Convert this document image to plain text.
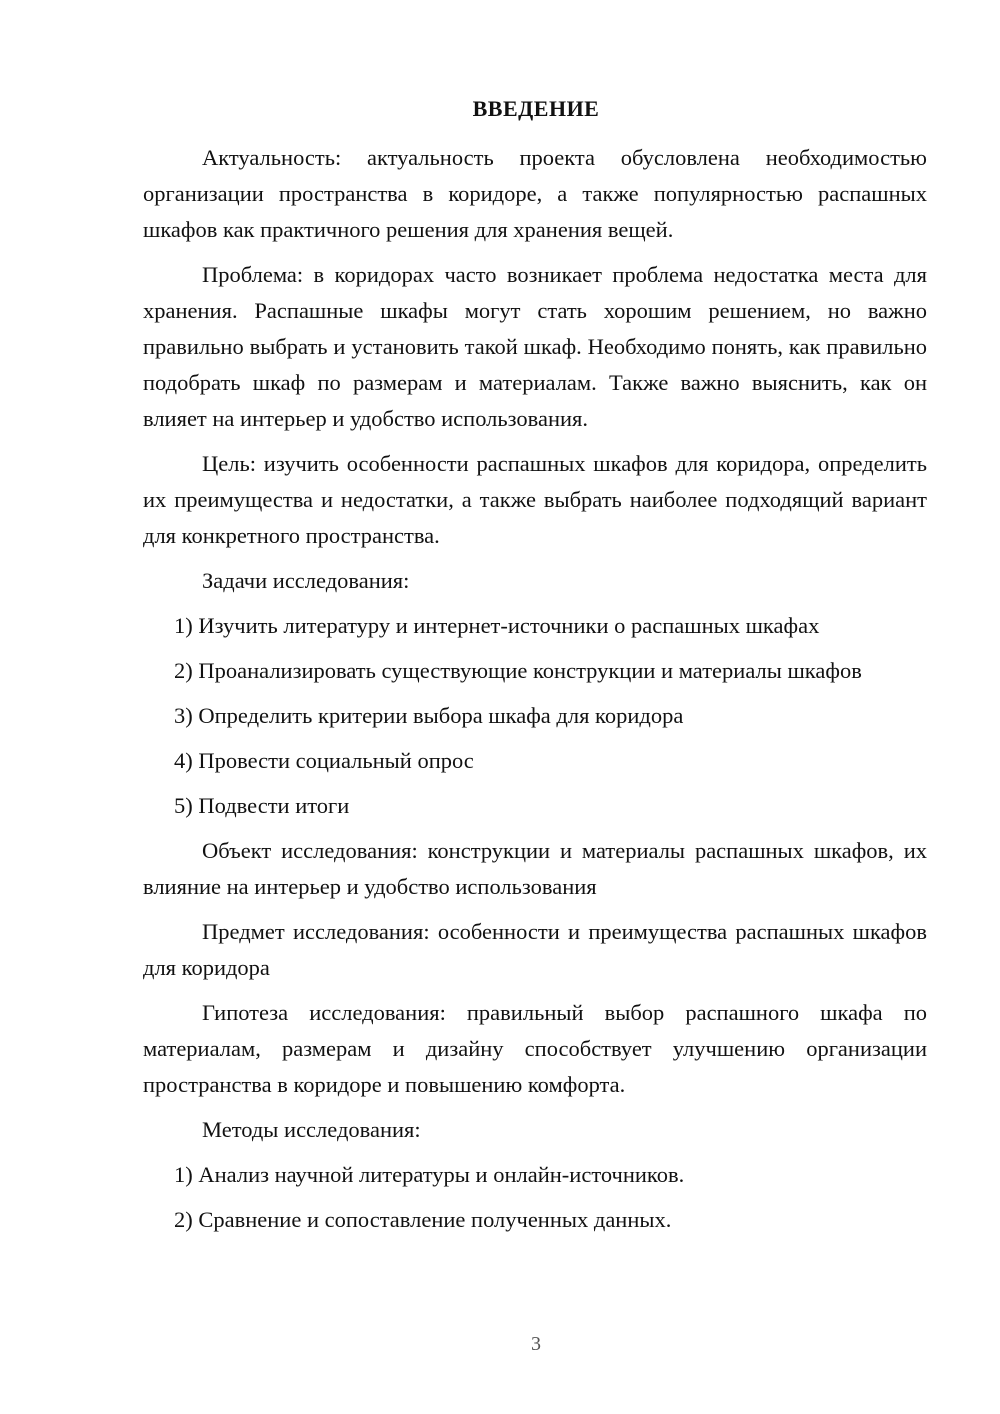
ВВЕДЕНИЕ

Актуальность: актуальность проекта обусловлена необходимостью организации пространства в коридоре, а также популярностью распашных шкафов как практичного решения для хранения вещей.

Проблема: в коридорах часто возникает проблема недостатка места для хранения. Распашные шкафы могут стать хорошим решением, но важно правильно выбрать и установить такой шкаф. Необходимо понять, как правильно подобрать шкаф по размерам и материалам. Также важно выяснить, как он влияет на интерьер и удобство использования.

Цель: изучить особенности распашных шкафов для коридора, определить их преимущества и недостатки, а также выбрать наиболее подходящий вариант для конкретного пространства.

Задачи исследования:

1) Изучить литературу и интернет-источники о распашных шкафах

2) Проанализировать существующие конструкции и материалы шкафов

3) Определить критерии выбора шкафа для коридора

4) Провести социальный опрос

5) Подвести итоги

Объект исследования: конструкции и материалы распашных шкафов, их влияние на интерьер и удобство использования

Предмет исследования: особенности и преимущества распашных шкафов для коридора

Гипотеза исследования: правильный выбор распашного шкафа по материалам, размерам и дизайну способствует улучшению организации пространства в коридоре и повышению комфорта.

Методы исследования:

1) Анализ научной литературы и онлайн-источников.

2) Сравнение и сопоставление полученных данных.

3
